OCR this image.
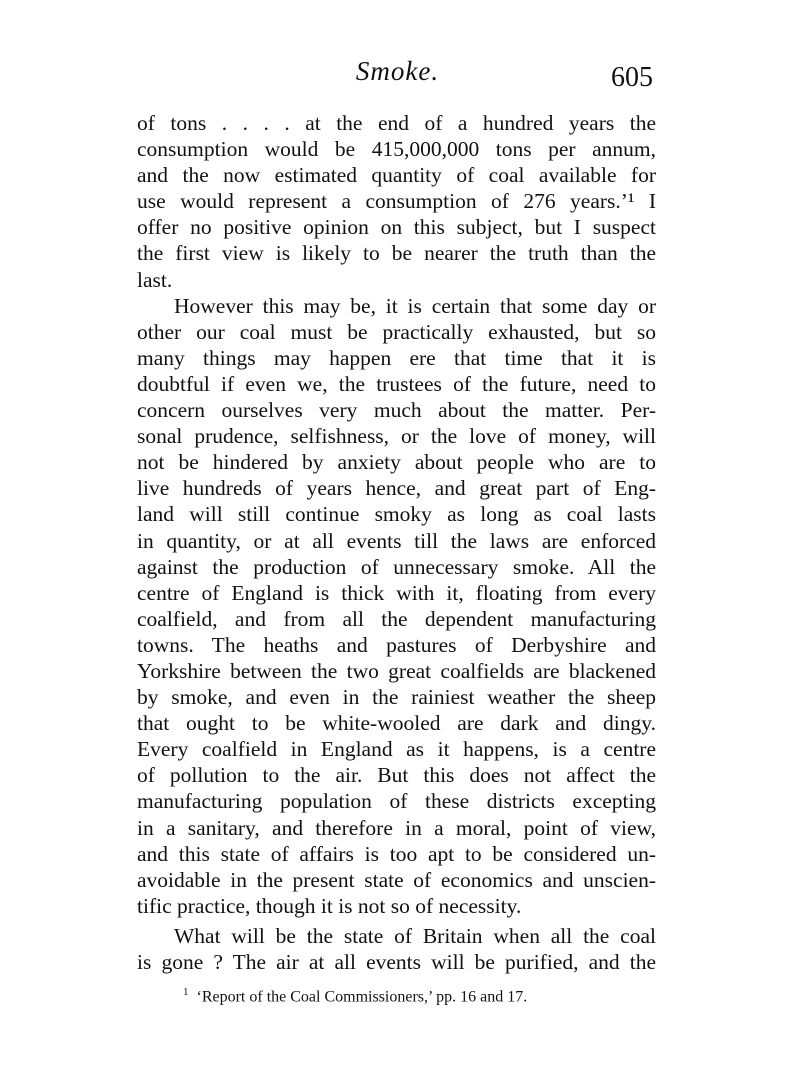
Smoke.	605
of tons . . . . at the end of a hundred years the
consumption would be 415,000,000 tons per annum,
and the now estimated quantity of coal available for
use would represent a consumption of 276 years.’¹ I
offer no positive opinion on this subject, but I suspect
the first view is likely to be nearer the truth than the
last.
However this may be, it is certain that some day or
other our coal must be practically exhausted, but so
many things may happen ere that time that it is
doubtful if even we, the trustees of the future, need to
concern ourselves very much about the matter. Per-
sonal prudence, selfishness, or the love of money, will
not be hindered by anxiety about people who are to
live hundreds of years hence, and great part of Eng-
land will still continue smoky as long as coal lasts
in quantity, or at all events till the laws are enforced
against the production of unnecessary smoke. All the
centre of England is thick with it, floating from every
coalfield, and from all the dependent manufacturing
towns. The heaths and pastures of Derbyshire and
Yorkshire between the two great coalfields are blackened
by smoke, and even in the rainiest weather the sheep
that ought to be white-wooled are dark and dingy.
Every coalfield in England as it happens, is a centre
of pollution to the air. But this does not affect the
manufacturing population of these districts excepting
in a sanitary, and therefore in a moral, point of view,
and this state of affairs is too apt to be considered un-
avoidable in the present state of economics and unscien-
tific practice, though it is not so of necessity.
What will be the state of Britain when all the coal
is gone ? The air at all events will be purified, and the
$^1$ ‘Report of the Coal Commissioners,’ pp. 16 and 17.
